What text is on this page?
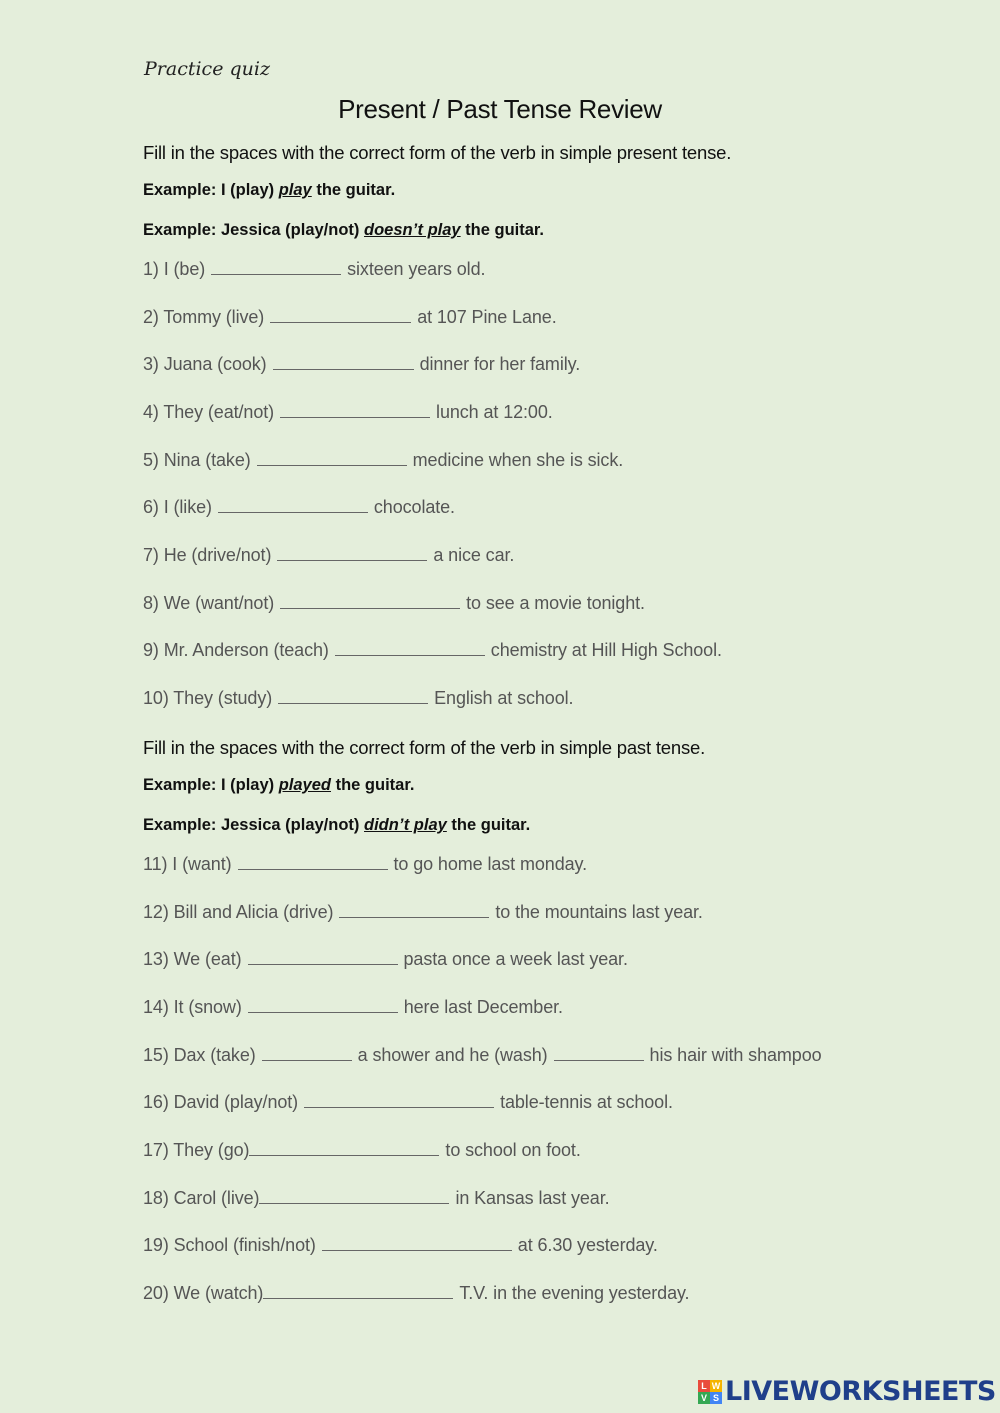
Practice quiz
Present / Past Tense Review
Fill in the spaces with the correct form of the verb in simple present tense.
Example: I (play) play the guitar.
Example: Jessica (play/not) doesn’t play the guitar.
1) I (be)	sixteen years old.
2) Tommy (live)	at 107 Pine Lane.
3) Juana (cook)	dinner for her family.
4) They (eat/not)	lunch at 12:00.
5) Nina (take)	medicine when she is sick.
6) I (like)	chocolate.
7) He (drive/not)	a nice car.
8) We (want/not)	to see a movie tonight.
9) Mr. Anderson (teach)	chemistry at Hill High School.
10) They (study)	English at school.
Fill in the spaces with the correct form of the verb in simple past tense.
Example: I (play) played the guitar.
Example: Jessica (play/not) didn’t play the guitar.
11) I (want)	to go home last monday.
12) Bill and Alicia (drive)	to the mountains last year.
13) We (eat)	pasta once a week last year.
14) It (snow)	here last December.
15) Dax (take)	a shower and he (wash)	his hair with shampoo
16) David (play/not)	table-tennis at school.
17) They (go)	to school on foot.
18) Carol (live)	in Kansas last year.
19) School (finish/not)	at 6.30 yesterday.
20) We (watch)	T.V. in the evening yesterday.
L W
V S LIVEWORKSHEETS
